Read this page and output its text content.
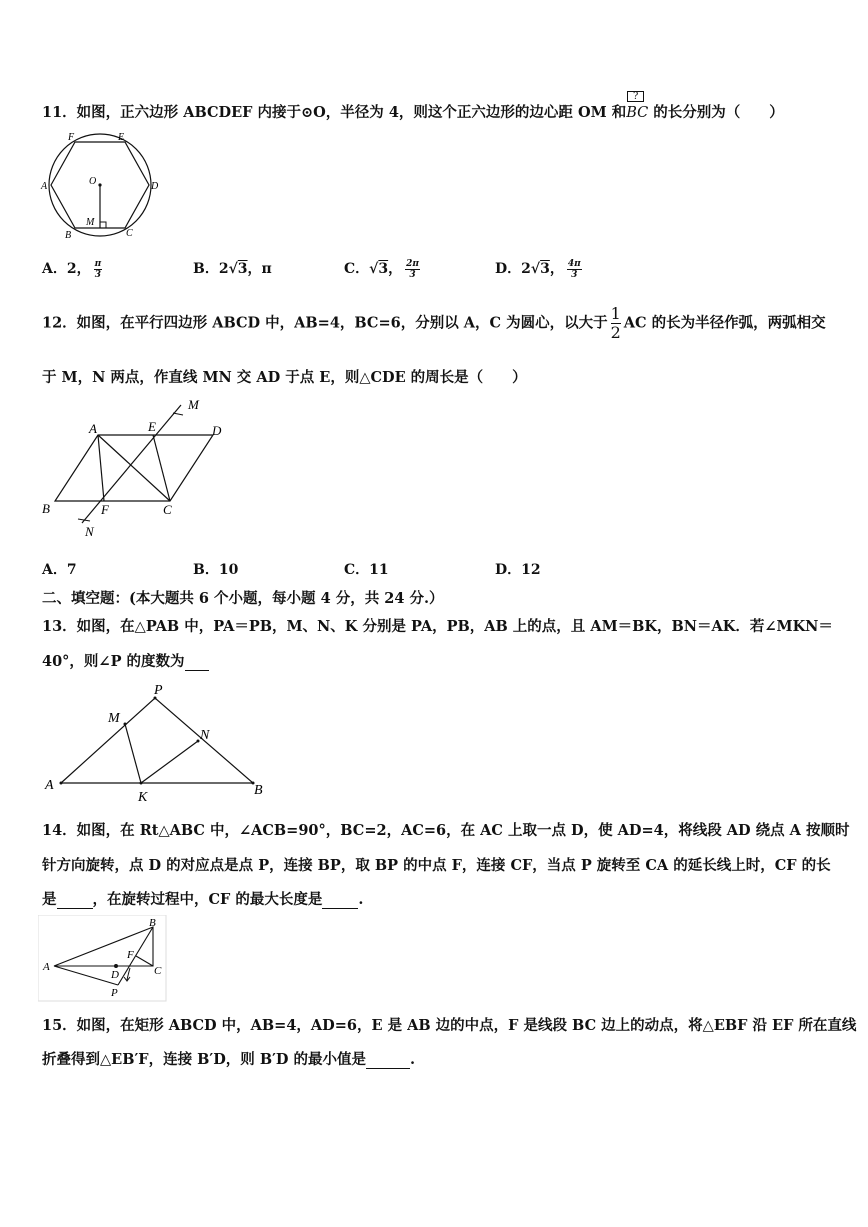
11．如图，正六边形 ABCDEF 内接于⊙O，半径为 4，则这个正六边形的边心距 OM 和
?
BC 的长分别为（　　）
F	E
A	O	D
M
B	C
A．2， $\frac{\pi}{3}$	B．2√3，π	C．√3， $\frac{2\pi}{3}$	D．2√3， $\frac{4\pi}{3}$
12．如图，在平行四边形 ABCD 中，AB=4，BC=6，分别以 A，C 为圆心，以大于 $\frac{1}{2}$ AC 的长为半径作弧，两弧相交
于 M，N 两点，作直线 MN 交 AD 于点 E，则△CDE 的周长是（　　）
M
A	E	D
B	F	C
N
A．7	B．10	C．11	D．12
二、填空题：(本大题共 6 个小题，每小题 4 分，共 24 分.）
13．如图，在△PAB 中，PA＝PB，M、N、K 分别是 PA，PB，AB 上的点，且 AM＝BK，BN＝AK．若∠MKN＝
40°，则∠P 的度数为
P
M
N
A
K	B
14．如图，在 Rt△ABC 中，∠ACB=90°，BC=2，AC=6，在 AC 上取一点 D，使 AD=4，将线段 AD 绕点 A 按顺时
针方向旋转，点 D 的对应点是点 P，连接 BP，取 BP 的中点 F，连接 CF，当点 P 旋转至 CA 的延长线上时，CF 的长
是 ，在旋转过程中，CF 的最大长度是 .
A
B
F
C
D
P
15．如图，在矩形 ABCD 中，AB=4，AD=6，E 是 AB 边的中点，F 是线段 BC 边上的动点，将△EBF 沿 EF 所在直线
折叠得到△EB′F，连接 B′D，则 B′D 的最小值是	.
